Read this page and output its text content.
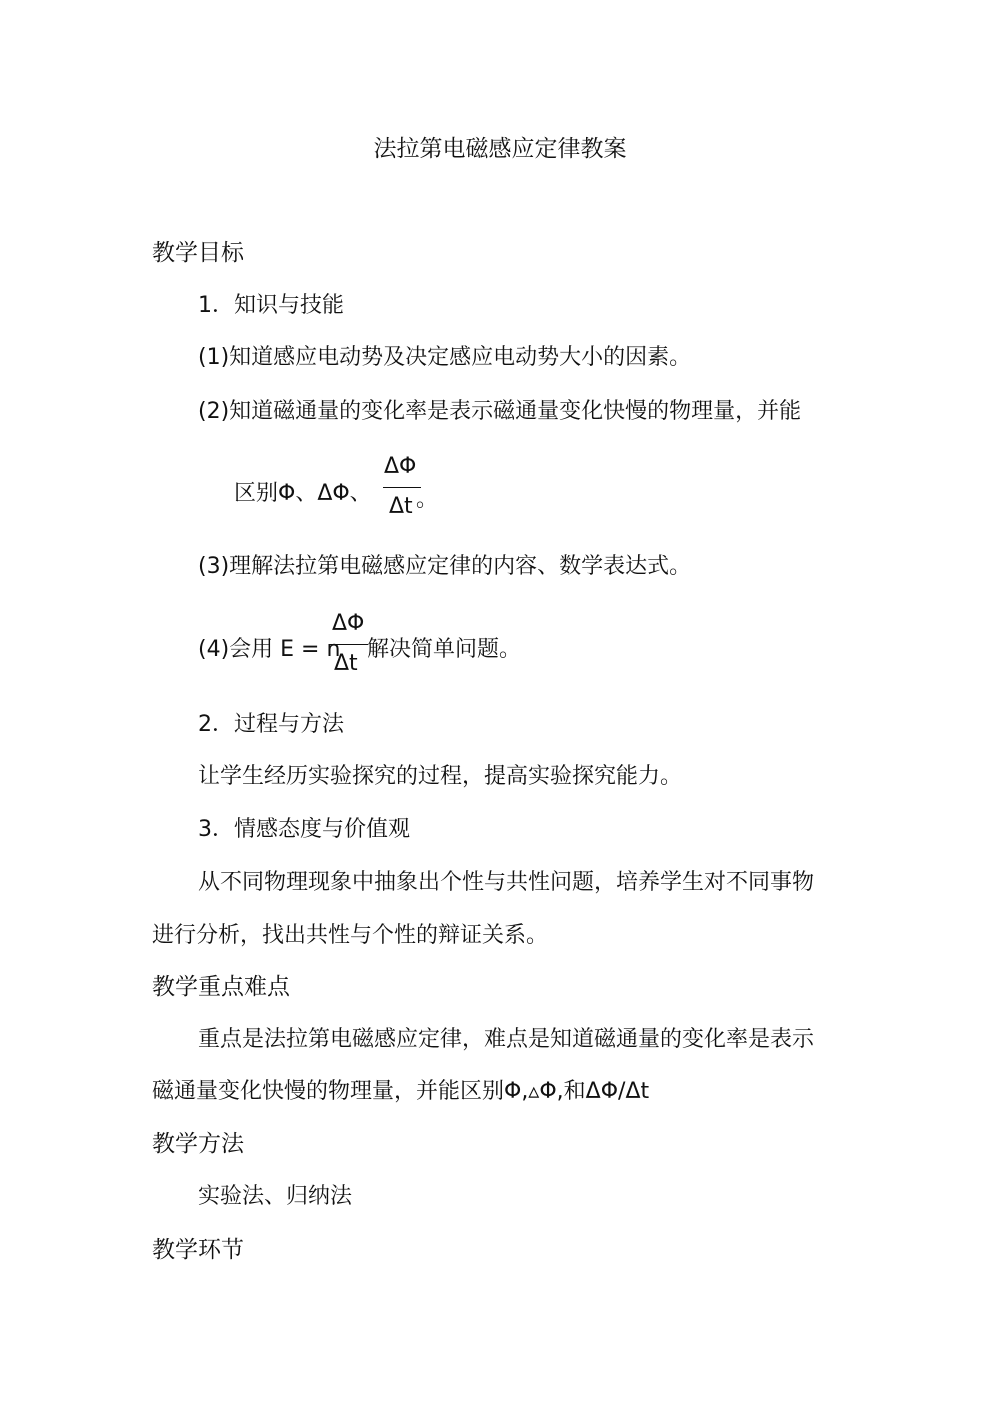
法拉第电磁感应定律教案
教学目标
1．知识与技能
(1)知道感应电动势及决定感应电动势大小的因素。
(2)知道磁通量的变化率是表示磁通量变化快慢的物理量，并能
区别Φ、ΔΦ、
ΔΦ
Δt 。
(3)理解法拉第电磁感应定律的内容、数学表达式。
(4)会用 E = n
ΔΦ
Δt
解决简单问题。
2．过程与方法
让学生经历实验探究的过程，提高实验探究能力。
3．情感态度与价值观
从不同物理现象中抽象出个性与共性问题，培养学生对不同事物
进行分析，找出共性与个性的辩证关系。
教学重点难点
重点是法拉第电磁感应定律，难点是知道磁通量的变化率是表示
磁通量变化快慢的物理量，并能区别Φ,▵Φ,和ΔΦ/Δt
教学方法
实验法、归纳法
教学环节
